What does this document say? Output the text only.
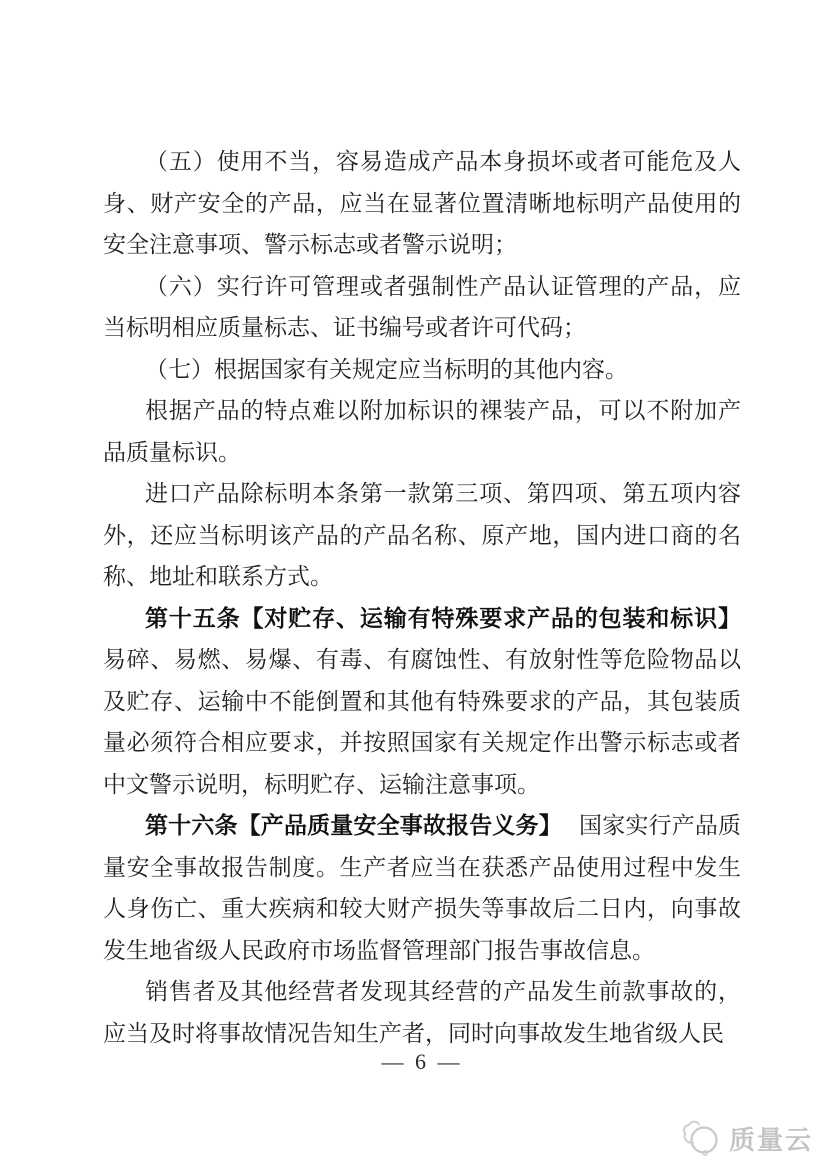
（五）使用不当，容易造成产品本身损坏或者可能危及人身、财产安全的产品，应当在显著位置清晰地标明产品使用的安全注意事项、警示标志或者警示说明；

（六）实行许可管理或者强制性产品认证管理的产品，应当标明相应质量标志、证书编号或者许可代码；

（七）根据国家有关规定应当标明的其他内容。

根据产品的特点难以附加标识的裸装产品，可以不附加产品质量标识。

进口产品除标明本条第一款第三项、第四项、第五项内容外，还应当标明该产品的产品名称、原产地，国内进口商的名称、地址和联系方式。

第十五条【对贮存、运输有特殊要求产品的包装和标识】易碎、易燃、易爆、有毒、有腐蚀性、有放射性等危险物品以及贮存、运输中不能倒置和其他有特殊要求的产品，其包装质量必须符合相应要求，并按照国家有关规定作出警示标志或者中文警示说明，标明贮存、运输注意事项。

第十六条【产品质量安全事故报告义务】 国家实行产品质量安全事故报告制度。生产者应当在获悉产品使用过程中发生人身伤亡、重大疾病和较大财产损失等事故后二日内，向事故发生地省级人民政府市场监督管理部门报告事故信息。

销售者及其他经营者发现其经营的产品发生前款事故的，应当及时将事故情况告知生产者，同时向事故发生地省级人民

— 6 —
质量云
